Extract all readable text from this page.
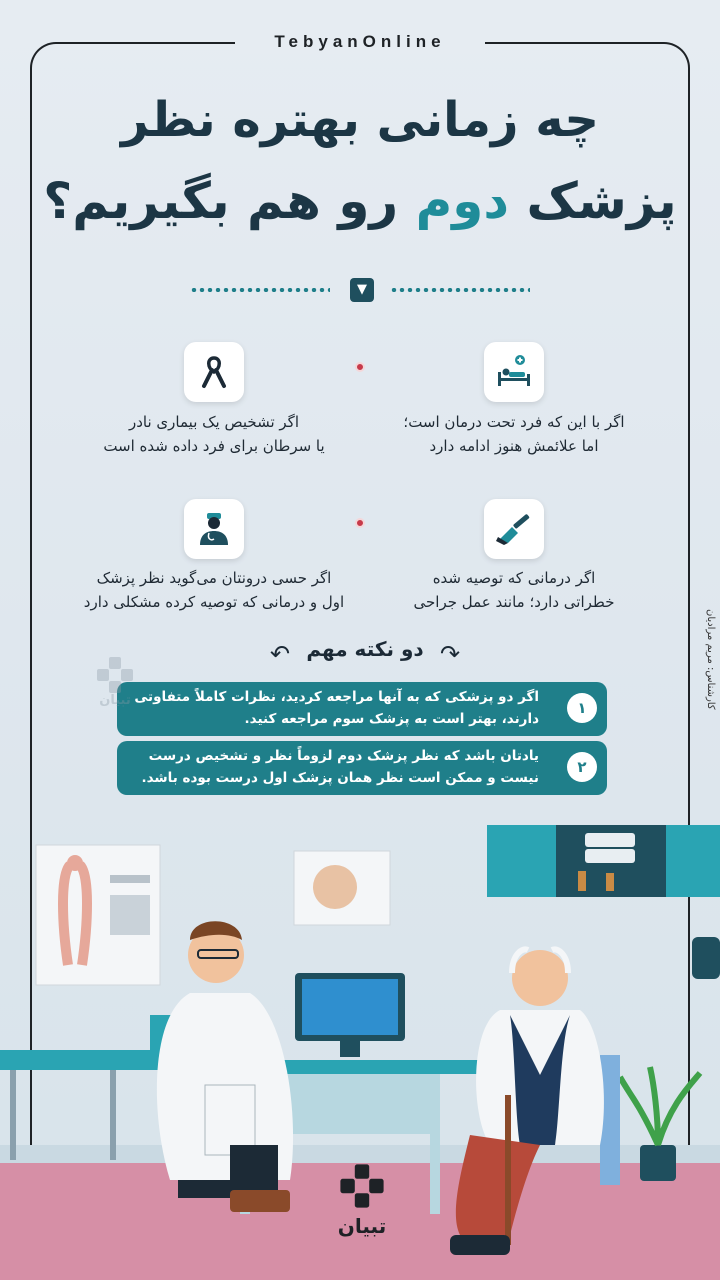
TebyanOnline
چه زمانی بهتره نظر
پزشک دوم رو هم بگیریم؟
▼
اگر با این که فرد تحت درمان است؛
اما علائمش هنوز ادامه دارد
اگر تشخیص یک بیماری نادر
یا سرطان برای فرد داده شده است
اگر درمانی که توصیه شده
خطراتی دارد؛ مانند عمل جراحی
اگر حسی درونتان می‌گوید نظر پزشک
اول و درمانی که توصیه کرده مشکلی دارد
↶ دو نکته مهم ↷
اگر دو پزشکی که به آنها مراجعه کردید، نظرات کاملاً متفاوتی دارند، بهتر است به پزشک سوم مراجعه کنید.
۱
یادتان باشد که نظر پزشک دوم لزوماً نظر و تشخیص درست نیست و ممکن است نظر همان پزشک اول درست بوده باشد.
۲
کارشناس: مریم مرادیان
تبیان
تبیان
